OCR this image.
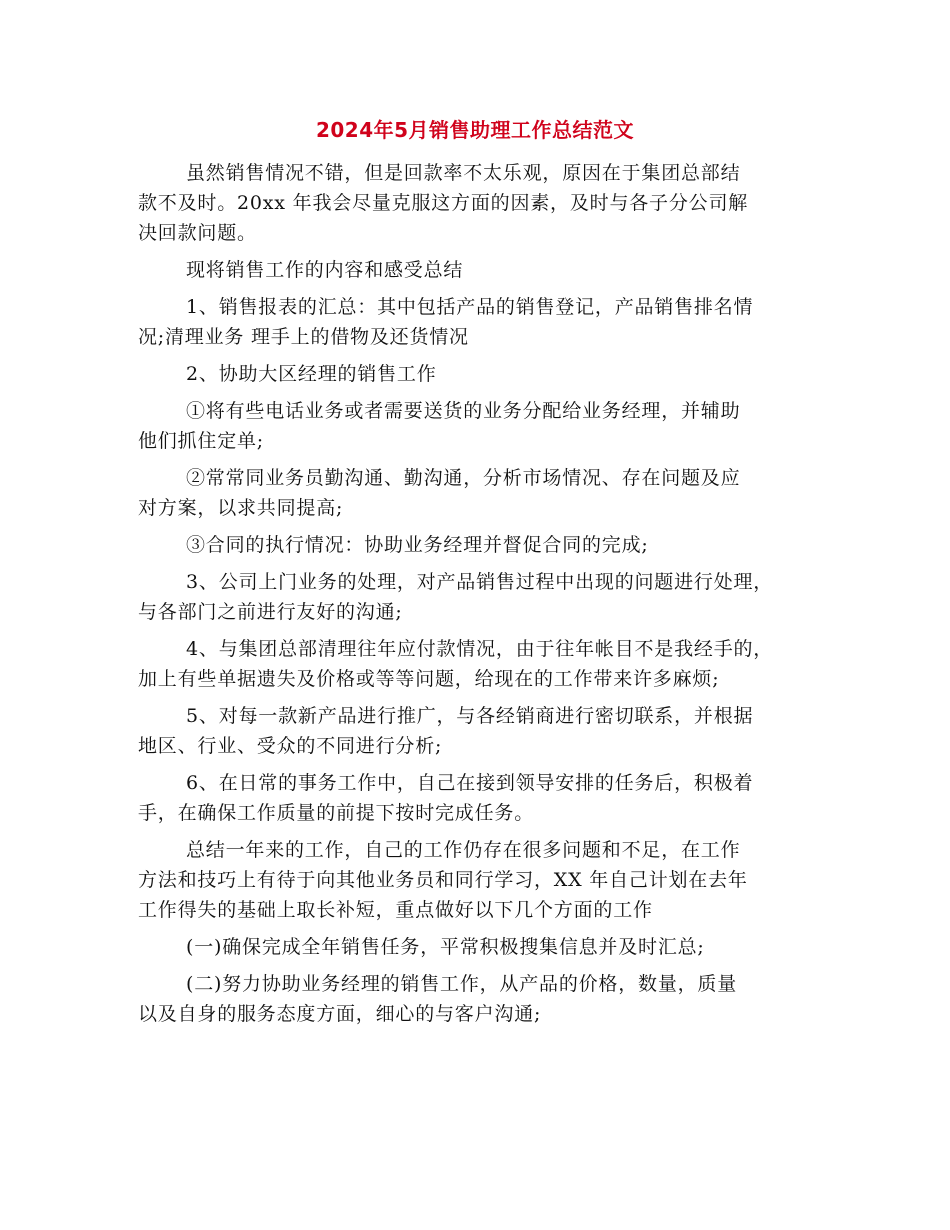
2024年5月销售助理工作总结范文

虽然销售情况不错，但是回款率不太乐观，原因在于集团总部结
款不及时。20xx 年我会尽量克服这方面的因素，及时与各子分公司解
决回款问题。

现将销售工作的内容和感受总结

1、销售报表的汇总：其中包括产品的销售登记，产品销售排名情
况;清理业务 理手上的借物及还货情况

2、协助大区经理的销售工作

①将有些电话业务或者需要送货的业务分配给业务经理，并辅助
他们抓住定单;

②常常同业务员勤沟通、勤沟通，分析市场情况、存在问题及应
对方案，以求共同提高;

③合同的执行情况：协助业务经理并督促合同的完成;

3、公司上门业务的处理，对产品销售过程中出现的问题进行处理，
与各部门之前进行友好的沟通;

4、与集团总部清理往年应付款情况，由于往年帐目不是我经手的，
加上有些单据遗失及价格或等等问题，给现在的工作带来许多麻烦;

5、对每一款新产品进行推广，与各经销商进行密切联系，并根据
地区、行业、受众的不同进行分析;

6、在日常的事务工作中，自己在接到领导安排的任务后，积极着
手，在确保工作质量的前提下按时完成任务。

总结一年来的工作，自己的工作仍存在很多问题和不足，在工作
方法和技巧上有待于向其他业务员和同行学习，XX 年自己计划在去年
工作得失的基础上取长补短，重点做好以下几个方面的工作

(一)确保完成全年销售任务，平常积极搜集信息并及时汇总;

(二)努力协助业务经理的销售工作，从产品的价格，数量，质量
以及自身的服务态度方面，细心的与客户沟通;
